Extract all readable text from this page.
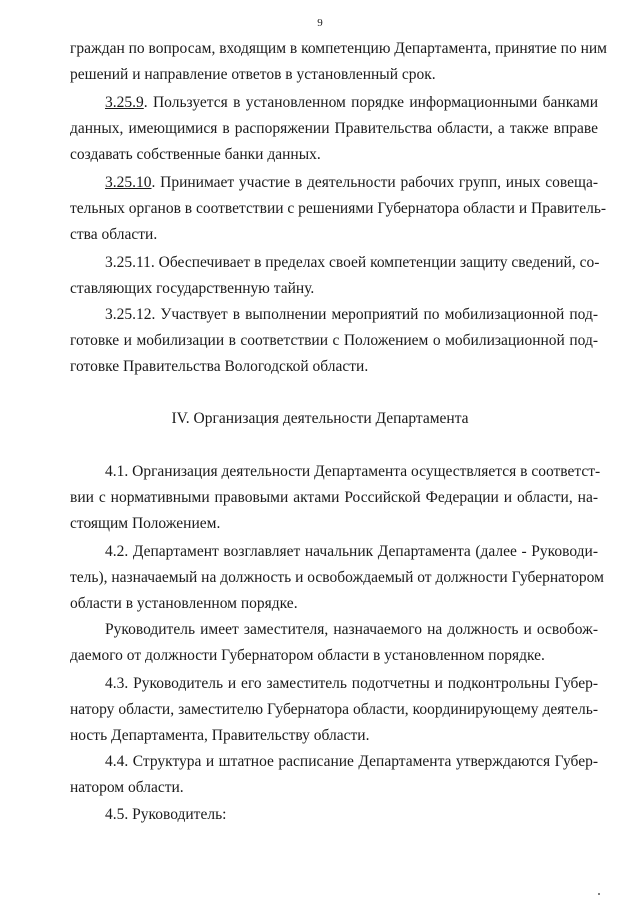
9
граждан по вопросам, входящим в компетенцию Департамента, принятие по ним
решений и направление ответов в установленный срок.
3.25.9. Пользуется в установленном порядке информационными банками
данных, имеющимися в распоряжении Правительства области, а также вправе
создавать собственные банки данных.
3.25.10. Принимает участие в деятельности рабочих групп, иных совеща-
тельных органов в соответствии с решениями Губернатора области и Правитель-
ства области.
3.25.11. Обеспечивает в пределах своей компетенции защиту сведений, со-
ставляющих государственную тайну.
3.25.12. Участвует в выполнении мероприятий по мобилизационной под-
готовке и мобилизации в соответствии с Положением о мобилизационной под-
готовке Правительства Вологодской области.
IV. Организация деятельности Департамента
4.1. Организация деятельности Департамента осуществляется в соответст-
вии с нормативными правовыми актами Российской Федерации и области, на-
стоящим Положением.
4.2. Департамент возглавляет начальник Департамента (далее - Руководи-
тель), назначаемый на должность и освобождаемый от должности Губернатором
области в установленном порядке.
Руководитель имеет заместителя, назначаемого на должность и освобож-
даемого от должности Губернатором области в установленном порядке.
4.3. Руководитель и его заместитель подотчетны и подконтрольны Губер-
натору области, заместителю Губернатора области, координирующему деятель-
ность Департамента, Правительству области.
4.4. Структура и штатное расписание Департамента утверждаются Губер-
натором области.
4.5. Руководитель:
